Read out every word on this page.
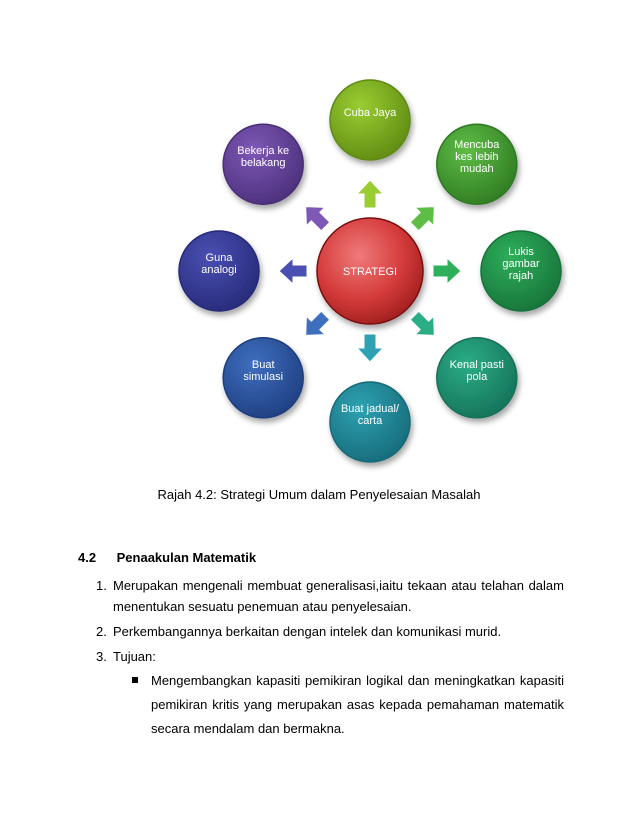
Cuba Jaya
Mencuba
kes lebih
mudah
Lukis
gambar
rajah
Kenal pasti
pola
Buat jadual/
carta
Buat
simulasi
Guna
analogi
Bekerja ke
belakang
STRATEGI
Rajah 4.2: Strategi Umum dalam Penyelesaian Masalah
4.2 Penaakulan Matematik
1. Merupakan mengenali membuat generalisasi,iaitu tekaan atau telahan dalam menentukan sesuatu penemuan atau penyelesaian.
2. Perkembangannya berkaitan dengan intelek dan komunikasi murid.
3. Tujuan:
Mengembangkan kapasiti pemikiran logikal dan meningkatkan kapasiti pemikiran kritis yang merupakan asas kepada pemahaman matematik secara mendalam dan bermakna.
